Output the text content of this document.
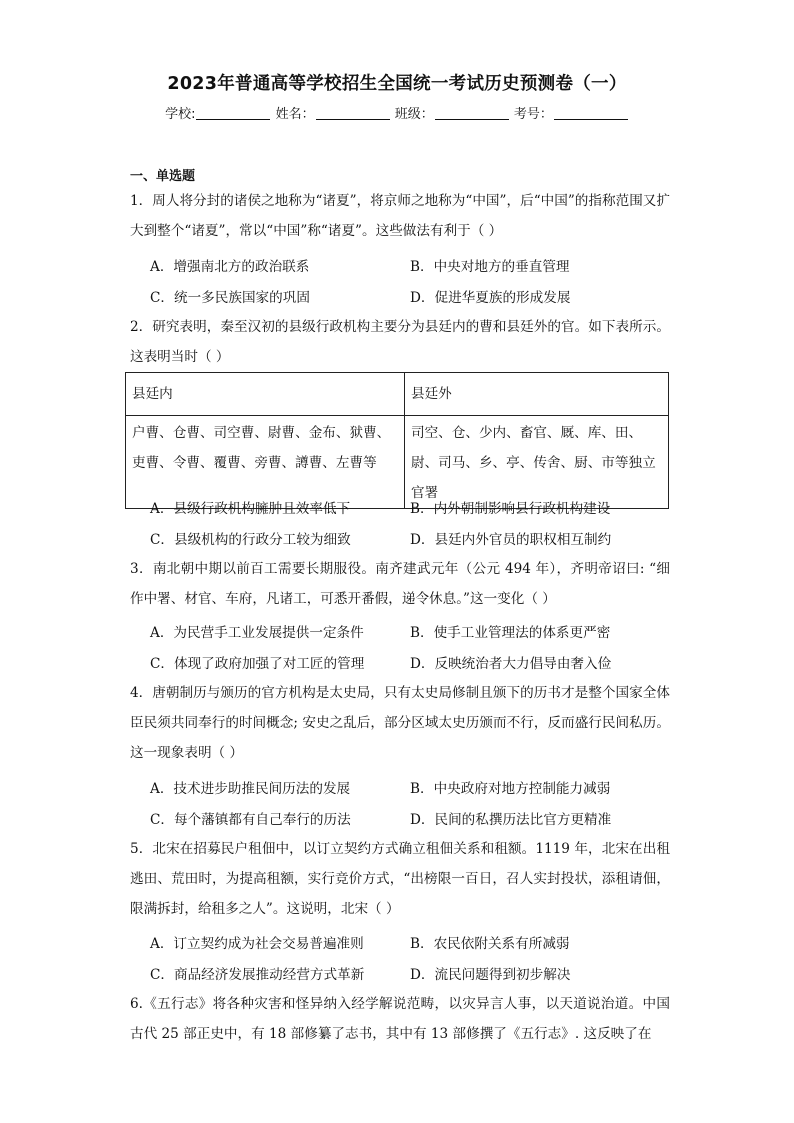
2023年普通高等学校招生全国统一考试历史预测卷（一）
学校:	姓名：	班级：	考号：
一、单选题
1．周人将分封的诸侯之地称为“诸夏”，将京师之地称为“中国”，后“中国”的指称范围又扩大到整个“诸夏”，常以“中国”称“诸夏”。这些做法有利于（ ）
A．增强南北方的政治联系	B．中央对地方的垂直管理
C．统一多民族国家的巩固	D．促进华夏族的形成发展
2．研究表明，秦至汉初的县级行政机构主要分为县廷内的曹和县廷外的官。如下表所示。这表明当时（ ）
县廷内	县廷外
户曹、仓曹、司空曹、尉曹、金布、狱曹、吏曹、令曹、覆曹、旁曹、譐曹、左曹等	司空、仓、少内、畜官、厩、库、田、尉、司马、乡、亭、传舍、厨、市等独立官署
A．县级行政机构臃肿且效率低下	B．内外朝制影响县行政机构建设
C．县级机构的行政分工较为细致	D．县廷内外官员的职权相互制约
3．南北朝中期以前百工需要长期服役。南齐建武元年（公元 494 年），齐明帝诏曰: “细作中署、材官、车府，凡诸工，可悉开番假，递令休息。”这一变化（ ）
A．为民营手工业发展提供一定条件	B．使手工业管理法的体系更严密
C．体现了政府加强了对工匠的管理	D．反映统治者大力倡导由奢入俭
4．唐朝制历与颁历的官方机构是太史局，只有太史局修制且颁下的历书才是整个国家全体臣民须共同奉行的时间概念; 安史之乱后，部分区域太史历颁而不行，反而盛行民间私历。这一现象表明（ ）
A．技术进步助推民间历法的发展	B．中央政府对地方控制能力减弱
C．每个藩镇都有自己奉行的历法	D．民间的私撰历法比官方更精准
5．北宋在招募民户租佃中，以订立契约方式确立租佃关系和租额。1119 年，北宋在出租逃田、荒田时，为提高租额，实行竞价方式，“出榜限一百日，召人实封投状，添租请佃，限满拆封，给租多之人”。这说明，北宋（ ）
A．订立契约成为社会交易普遍准则	B．农民依附关系有所减弱
C．商品经济发展推动经营方式革新	D．流民问题得到初步解决
6.《五行志》将各种灾害和怪异纳入经学解说范畴，以灾异言人事，以天道说治道。中国古代 25 部正史中，有 18 部修纂了志书，其中有 13 部修撰了《五行志》. 这反映了在
